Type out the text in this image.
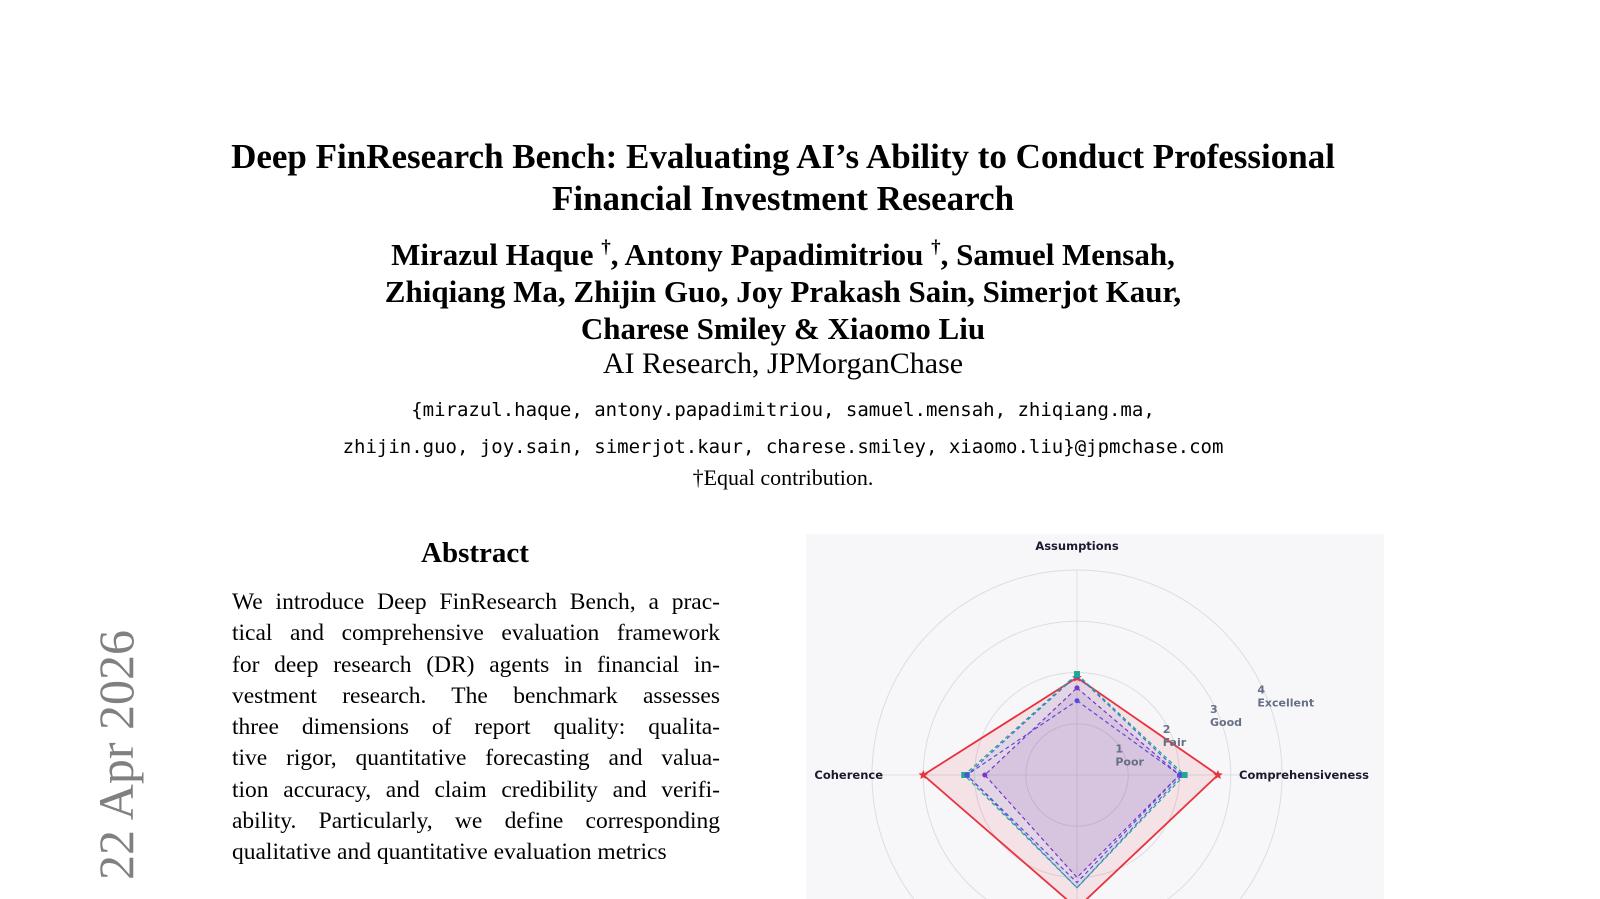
Deep FinResearch Bench: Evaluating AI’s Ability to Conduct Professional
Financial Investment Research
Mirazul Haque †, Antony Papadimitriou †, Samuel Mensah,
Zhiqiang Ma, Zhijin Guo, Joy Prakash Sain, Simerjot Kaur,
Charese Smiley & Xiaomo Liu
AI Research, JPMorganChase
{mirazul.haque, antony.papadimitriou, samuel.mensah, zhiqiang.ma,
zhijin.guo, joy.sain, simerjot.kaur, charese.smiley, xiaomo.liu}@jpmchase.com
†Equal contribution.
22 Apr 2026
Abstract
We introduce Deep FinResearch Bench, a prac-
tical and comprehensive evaluation framework
for deep research (DR) agents in financial in-
vestment research. The benchmark assesses
three dimensions of report quality: qualita-
tive rigor, quantitative forecasting and valua-
tion accuracy, and claim credibility and verifi-
ability. Particularly, we define corresponding
qualitative and quantitative evaluation metrics
1
Poor
2
Fair
3
Good
4
Excellent
Assumptions
Comprehensiveness
Coherence
